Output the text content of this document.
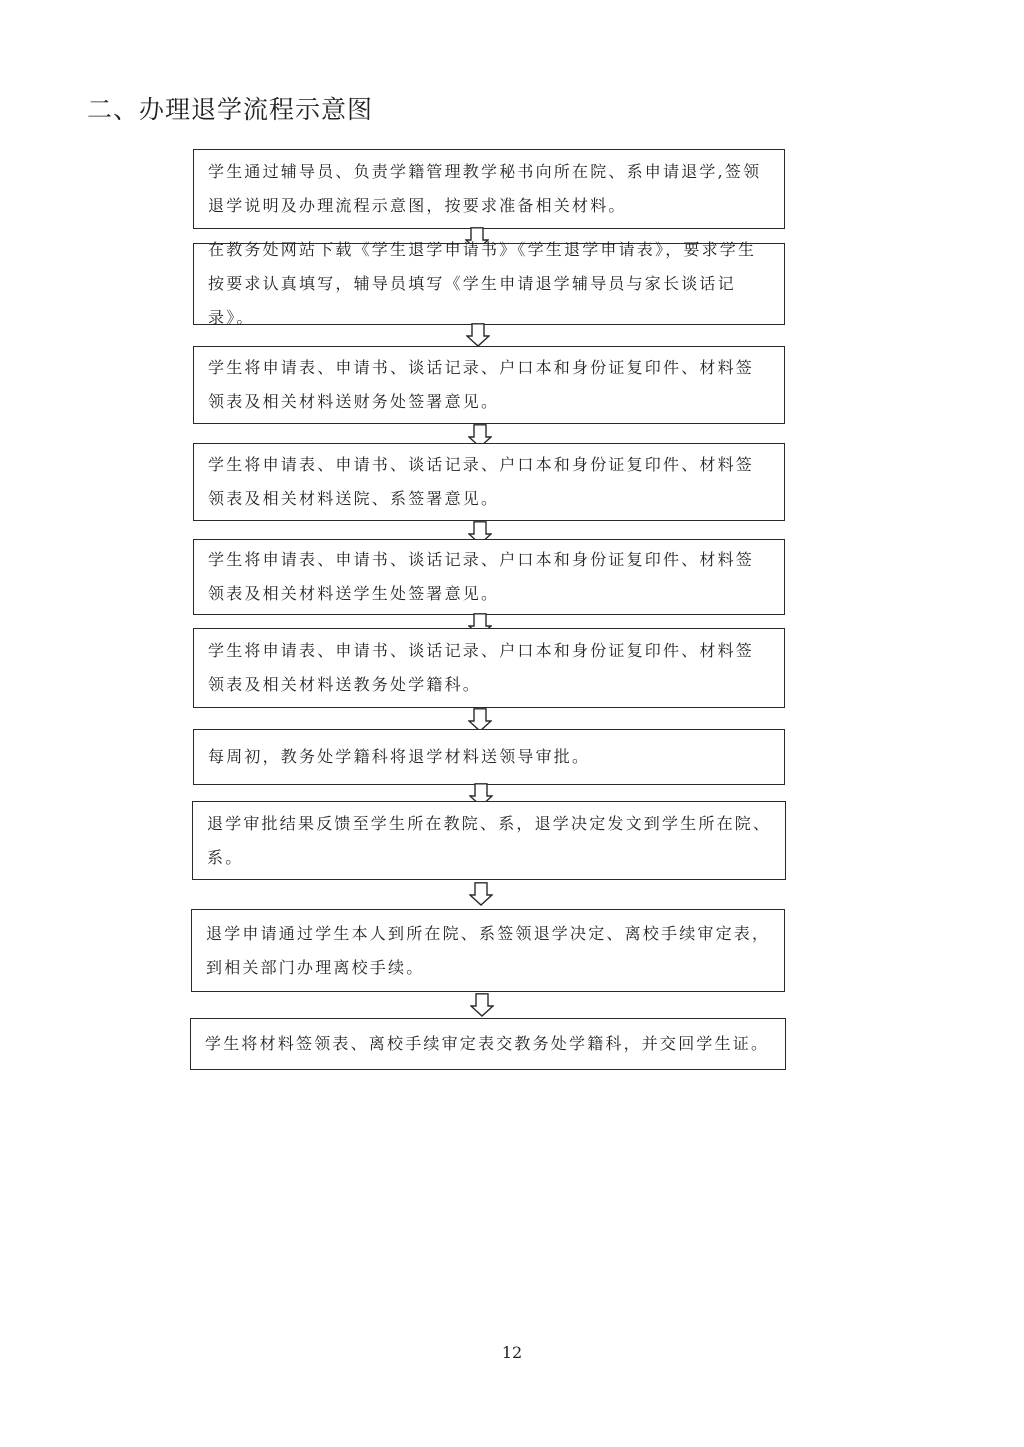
二、办理退学流程示意图
学生通过辅导员、负责学籍管理教学秘书向所在院、系申请退学,签领退学说明及办理流程示意图，按要求准备相关材料。
在教务处网站下载《学生退学申请书》《学生退学申请表》，要求学生按要求认真填写，辅导员填写《学生申请退学辅导员与家长谈话记录》。
学生将申请表、申请书、谈话记录、户口本和身份证复印件、材料签领表及相关材料送财务处签署意见。
学生将申请表、申请书、谈话记录、户口本和身份证复印件、材料签领表及相关材料送院、系签署意见。
学生将申请表、申请书、谈话记录、户口本和身份证复印件、材料签领表及相关材料送学生处签署意见。
学生将申请表、申请书、谈话记录、户口本和身份证复印件、材料签领表及相关材料送教务处学籍科。
每周初，教务处学籍科将退学材料送领导审批。
退学审批结果反馈至学生所在教院、系，退学决定发文到学生所在院、系。
退学申请通过学生本人到所在院、系签领退学决定、离校手续审定表，到相关部门办理离校手续。
学生将材料签领表、离校手续审定表交教务处学籍科，并交回学生证。
12
